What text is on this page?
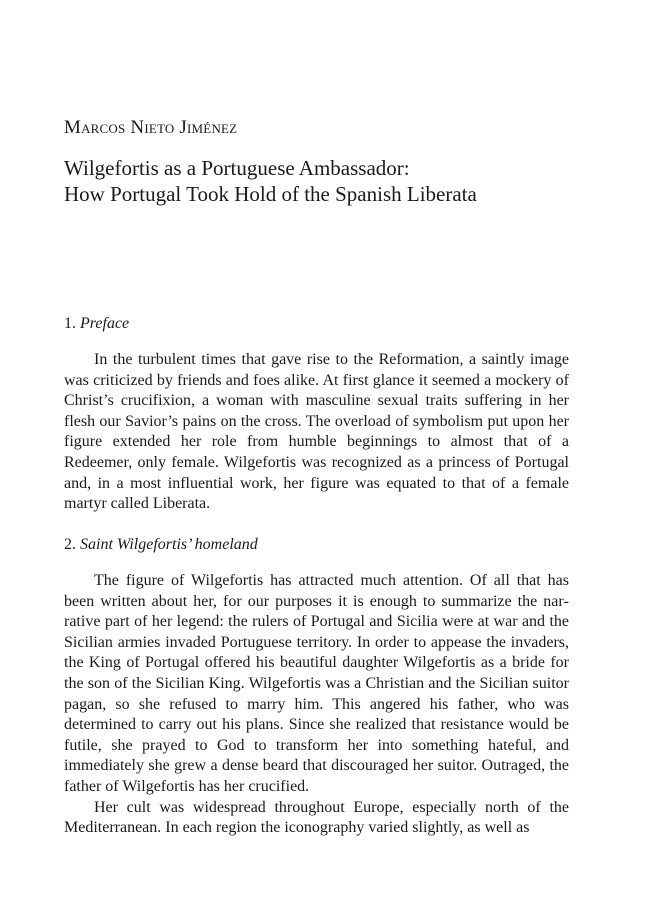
Marcos Nieto Jiménez
Wilgefortis as a Portuguese Ambassador:
How Portugal Took Hold of the Spanish Liberata
1. Preface

In the turbulent times that gave rise to the Reformation, a saintly image was criticized by friends and foes alike. At first glance it seemed a mockery of Christ’s crucifixion, a woman with masculine sexual traits suffering in her flesh our Savior’s pains on the cross. The overload of symbolism put upon her figure extended her role from humble beginnings to almost that of a Redeemer, only female. Wilgefortis was recognized as a princess of Portugal and, in a most influential work, her figure was equated to that of a female martyr called Liberata.

2. Saint Wilgefortis’ homeland

The figure of Wilgefortis has attracted much attention. Of all that has been written about her, for our purposes it is enough to summarize the narrative part of her legend: the rulers of Portugal and Sicilia were at war and the Sicilian armies invaded Portuguese territory. In order to appease the invaders, the King of Portugal offered his beautiful daughter Wilgefortis as a bride for the son of the Sicilian King. Wilgefortis was a Christian and the Sicilian suitor pagan, so she refused to marry him. This angered his father, who was determined to carry out his plans. Since she realized that resistance would be futile, she prayed to God to transform her into something hateful, and immediately she grew a dense beard that discouraged her suitor. Outraged, the father of Wilgefortis has her crucified.

Her cult was widespread throughout Europe, especially north of the Mediterranean. In each region the iconography varied slightly, as well as
